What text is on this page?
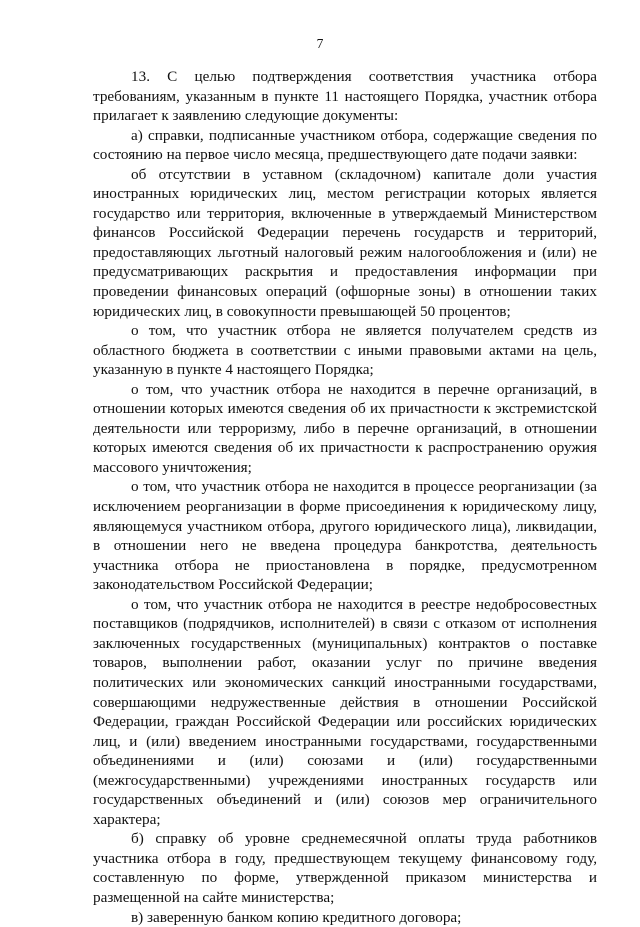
7

13. С целью подтверждения соответствия участника отбора требованиям, указанным в пункте 11 настоящего Порядка, участник отбора прилагает к заявлению следующие документы:

а) справки, подписанные участником отбора, содержащие сведения по состоянию на первое число месяца, предшествующего дате подачи заявки:

об отсутствии в уставном (складочном) капитале доли участия иностранных юридических лиц, местом регистрации которых является государство или территория, включенные в утверждаемый Министерством финансов Российской Федерации перечень государств и территорий, предоставляющих льготный налоговый режим налогообложения и (или) не предусматривающих раскрытия и предоставления информации при проведении финансовых операций (офшорные зоны) в отношении таких юридических лиц, в совокупности превышающей 50 процентов;

о том, что участник отбора не является получателем средств из областного бюджета в соответствии с иными правовыми актами на цель, указанную в пункте 4 настоящего Порядка;

о том, что участник отбора не находится в перечне организаций, в отношении которых имеются сведения об их причастности к экстремистской деятельности или терроризму, либо в перечне организаций, в отношении которых имеются сведения об их причастности к распространению оружия массового уничтожения;

о том, что участник отбора не находится в процессе реорганизации (за исключением реорганизации в форме присоединения к юридическому лицу, являющемуся участником отбора, другого юридического лица), ликвидации, в отношении него не введена процедура банкротства, деятельность участника отбора не приостановлена в порядке, предусмотренном законодательством Российской Федерации;

о том, что участник отбора не находится в реестре недобросовестных поставщиков (подрядчиков, исполнителей) в связи с отказом от исполнения заключенных государственных (муниципальных) контрактов о поставке товаров, выполнении работ, оказании услуг по причине введения политических или экономических санкций иностранными государствами, совершающими недружественные действия в отношении Российской Федерации, граждан Российской Федерации или российских юридических лиц, и (или) введением иностранными государствами, государственными объединениями и (или) союзами и (или) государственными (межгосударственными) учреждениями иностранных государств или государственных объединений и (или) союзов мер ограничительного характера;

б) справку об уровне среднемесячной оплаты труда работников участника отбора в году, предшествующем текущему финансовому году, составленную по форме, утвержденной приказом министерства и размещенной на сайте министерства;

в) заверенную банком копию кредитного договора;
